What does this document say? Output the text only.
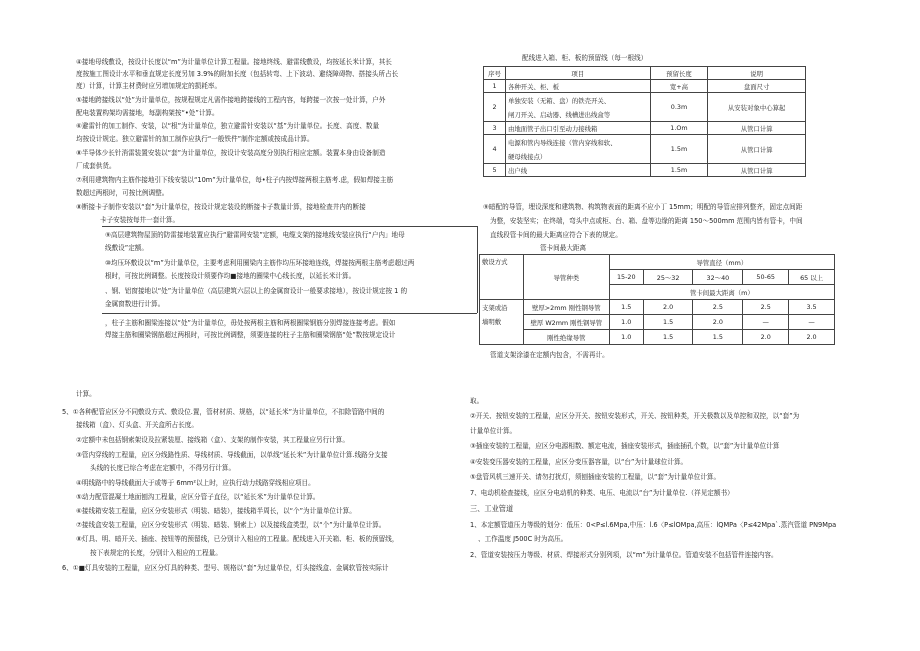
④接地母线敷设，按设计长度以“m”为计量单位计算工程量。接地终线、避雷线敷设，均按延长米计算，其长
度按施工图设计水平和垂直规定长度另加 3.9%的附加长度（包括转弯、上下波动、避绕障碍物、搭接头所占长
度）计算，计算主材费时应另增加规定的损耗率。
⑤接地跨接线以“处”为计量单位，按规程规定凡需作接地跨接线的工程内容，每跨接一次按一处计算，户外
配电装置构架均需接地，每副构架按“•处”计算。
⑥避雷针的加工制作、安装，以“根”为计量单位，独立避雷针安装以“基”为计量单位。长度、高度、数量
均按设计规定。独立避雷针的加工制作应执行“一般铁件”制作定额或按成品计算。
⑧半导体少长针消雷装置安装以“套”为计量单位，按设计安装高度分别执行相应定额。装置本身由设备制造
厂成套供货。
⑦利用建筑物内主筋作接地引下线安装以“10m”为计量单位，每•柱子内按焊接两根主筋考.虑，假如焊接主筋
数超过两根时，可按比例调整。
⑧断接卡子制作安装以“套”为计量单位，按设计规定装设的断接卡子数量计算，接地检查井内的断接
卡子安装按每井一套计算。
⑨高层建筑物屋顶的防雷接地装置应执行“避雷网安装”定额，电缆支架的接地线安装应执行“户内」地母
线敷设”定额。
⑩均压环敷设以“m”为计量单位，主要考虑利用圈梁内主筋作均压环接地连线，焊接按两根主筋考虑超过两
根时，可按比例调整。长度按设计须要作均■接地的圈梁中心线长度，以延长米计算。
、钢、铝窗接地以“处”为计量单位（高层建筑六层以上的金属窗设计一般要求接地），按设计规定按 1 的
金属窗数进行计算。
，柱子主筋和圈梁连接以“处”为计量单位，毋处按两根主筋和两根圈梁钢筋分别焊接连接考虑。假如
焊接主筋和圈梁钢筋超过两根时，可按比例调整，须要连接的柱子主筋和圈梁钢筋“处”数按规定设计
计算。
5、①各种配管应区分不同敷设方式、敷设位.置，管材材质、规格，以“延长米”为计量单位，不扣除管路中间的
接线箱（盒）、灯头盒、开关盒所占长度。
②定额中未包括钢索架设及拉紧装厘、接线箱（盒）、支架的制作安装，其工程量应另行计算。
③管内穿线的工程量，应区分线路性质、导线材质、导线截面，以单线“延长米”为计量单位计算.线路分支接
头线的长度已综合考虑在定额中，不得另行计算。
④明线路中的导线截面大于或等于 6mm²以上时，应执行动力线路穿线相应项目。
⑤动力配管混凝土地面刨沟工程量，应区分管子直径，以“延长米”为计量单位计算。
⑥接线箱安装工程量，应区分安装形式（明装、暗装），接线箱半周长，以“个”为计量单位计算。
⑦接线盒安装工程量，应区分安装形式（明装、暗装、钢索上）以及接线盒类型，以“个”为计量单位计算。
⑧灯具、明、暗开关、插座、按钮等的预留线，已分别计入相应的工程量。配线进入开关箱、柜、板的预留线，
按下表规定的长度，分别计入相应的工程量。
6、①■灯具安装的工程量，应区分灯具的种类、型号、规格以“套”为过量单位，灯头接线盒、金属软管按实际计
配线进入箱、柜、板的预留线（每一根线）
序号	项目	预留长度	说明
1	各种开关、柜、板	宽+高	盘面尺寸
2	单独安装（无箱、盘）的铁壳开关、	0.3m	从安装对象中心算起
	闸刀开关、启动器、线槽进出线盒等		
3	由地面管子出口引至动力接线箱	1.Om	从管口计算
4	电源和管内导线连接（管内穿线和软、	1.5m	从管口计算
	硬母线接点）		
5	出户线	1.5m	从管口计算
⑨暗配的导管，埋设深度和建筑物、构筑物表面的距离不应小丁 15mm；明配的导管应排列整齐，固定点间距
为整，安装坚实；在终端，弯头中点或柜、台、箱、盘等边缘的距离 150～500mm 范围内皆有管卡，中间
直线段管卡间的最大距离应符合下表的规定。
管卡间最大距离
敷设方式	导管种类	导管直径（mm）				
		15-20	25～32	32～40	50-65	65 以上
		管卡间最大距离（m）				

支架或沿
墙明敷	壁厚>2mm 刚性钢导管	1.5	2.0	2.5	2.5	3.5
	壁厚 W2mm 刚性钢导管	1.0	1.5	2.0	—	—
	刚性绝缘导管	1.0	1.5	1.5	2.0	2.0
管道支架涂漆在定额内包含，不需再计。
取。
②开关、按钮安装的工程量，应区分开关、按钮安装形式，开关、按钮种类，开关极数以及单控和双控，以“套”为
计量单位计算。
③插座安装的工程量，应区分电源相数、额定电流，插座安装形式，插座插孔个数，以“套”为计量单位计算
④安装变压器安装的工程量，应区分变压器容量，以“台”为计量球位计算。
⑤盘管风机三速开关、请勿打扰灯，须刨插座安装的工程量，以“套”为计量单位计算。
7、电动机检查接线，应区分电动机的种类、电压、电流以“台”为计量单位.（祥见定额书）
三、工业管道
1、本定额管道压力等级的划分：低压：0<P≤l.6Mpa,中压：l.6〈P≤lOMpa,高压：lQMPa〈P≤42Mpa`.蒸汽管道 PN9Mpa
、工作温度 J500C 时为高压。
2、管道安装按压力等级、材质、焊接形式分别列项，以“m”为计量单位。管道安装不包括管件连接内容。
